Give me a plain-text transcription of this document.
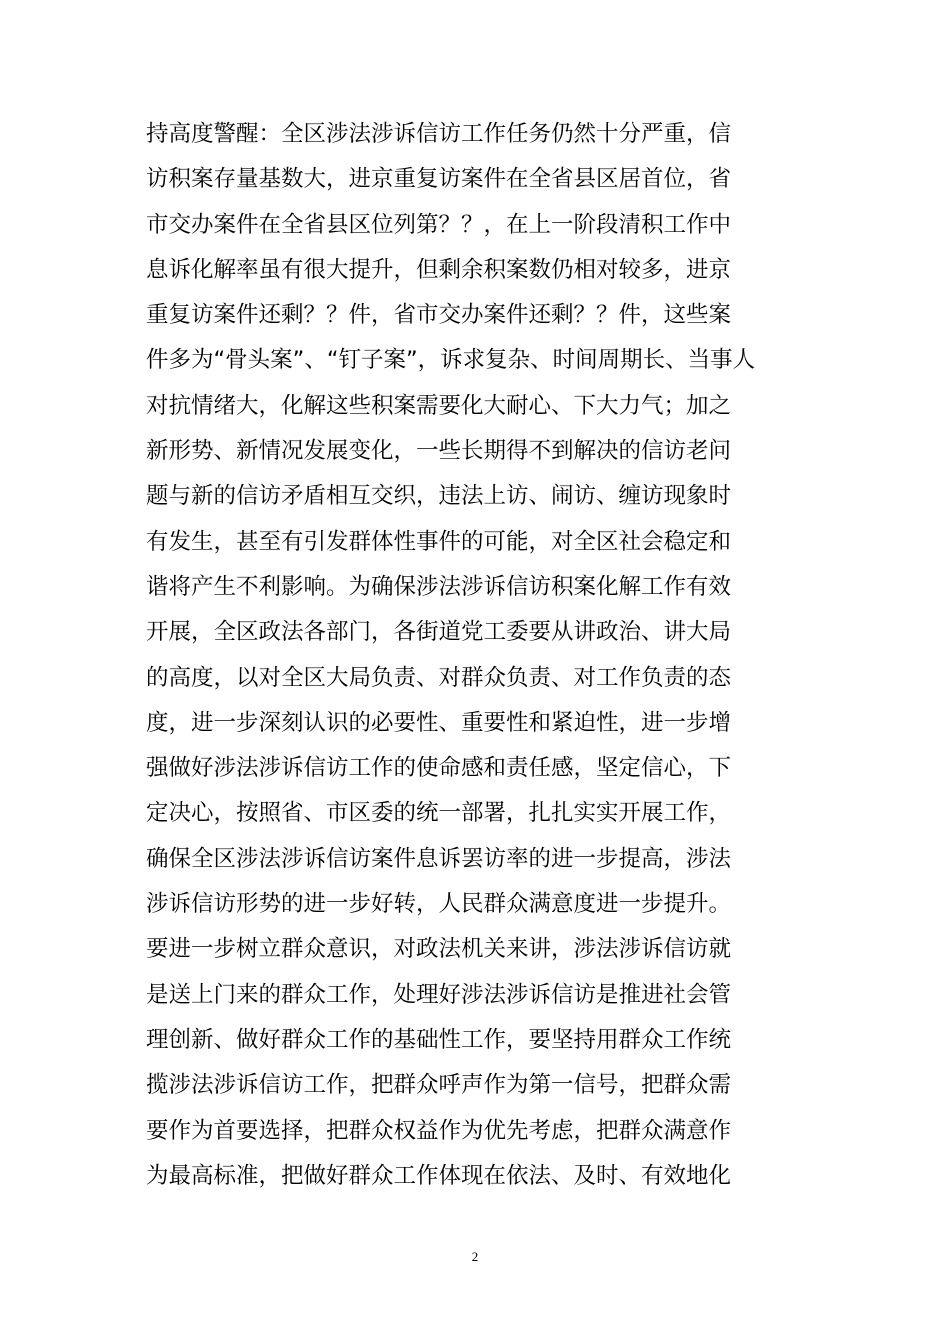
持高度警醒：全区涉法涉诉信访工作任务仍然十分严重，信
访积案存量基数大，进京重复访案件在全省县区居首位，省
市交办案件在全省县区位列第？？，在上一阶段清积工作中
息诉化解率虽有很大提升，但剩余积案数仍相对较多，进京
重复访案件还剩？？件，省市交办案件还剩？？件，这些案
件多为“骨头案”、“钉子案”，诉求复杂、时间周期长、当事人
对抗情绪大，化解这些积案需要化大耐心、下大力气；加之
新形势、新情况发展变化，一些长期得不到解决的信访老问
题与新的信访矛盾相互交织，违法上访、闹访、缠访现象时
有发生，甚至有引发群体性事件的可能，对全区社会稳定和
谐将产生不利影响。为确保涉法涉诉信访积案化解工作有效
开展，全区政法各部门，各街道党工委要从讲政治、讲大局
的高度，以对全区大局负责、对群众负责、对工作负责的态
度，进一步深刻认识的必要性、重要性和紧迫性，进一步增
强做好涉法涉诉信访工作的使命感和责任感，坚定信心，下
定决心，按照省、市区委的统一部署，扎扎实实开展工作，
确保全区涉法涉诉信访案件息诉罢访率的进一步提高，涉法
涉诉信访形势的进一步好转，人民群众满意度进一步提升。
要进一步树立群众意识，对政法机关来讲，涉法涉诉信访就
是送上门来的群众工作，处理好涉法涉诉信访是推进社会管
理创新、做好群众工作的基础性工作，要坚持用群众工作统
揽涉法涉诉信访工作，把群众呼声作为第一信号，把群众需
要作为首要选择，把群众权益作为优先考虑，把群众满意作
为最高标准，把做好群众工作体现在依法、及时、有效地化
2
